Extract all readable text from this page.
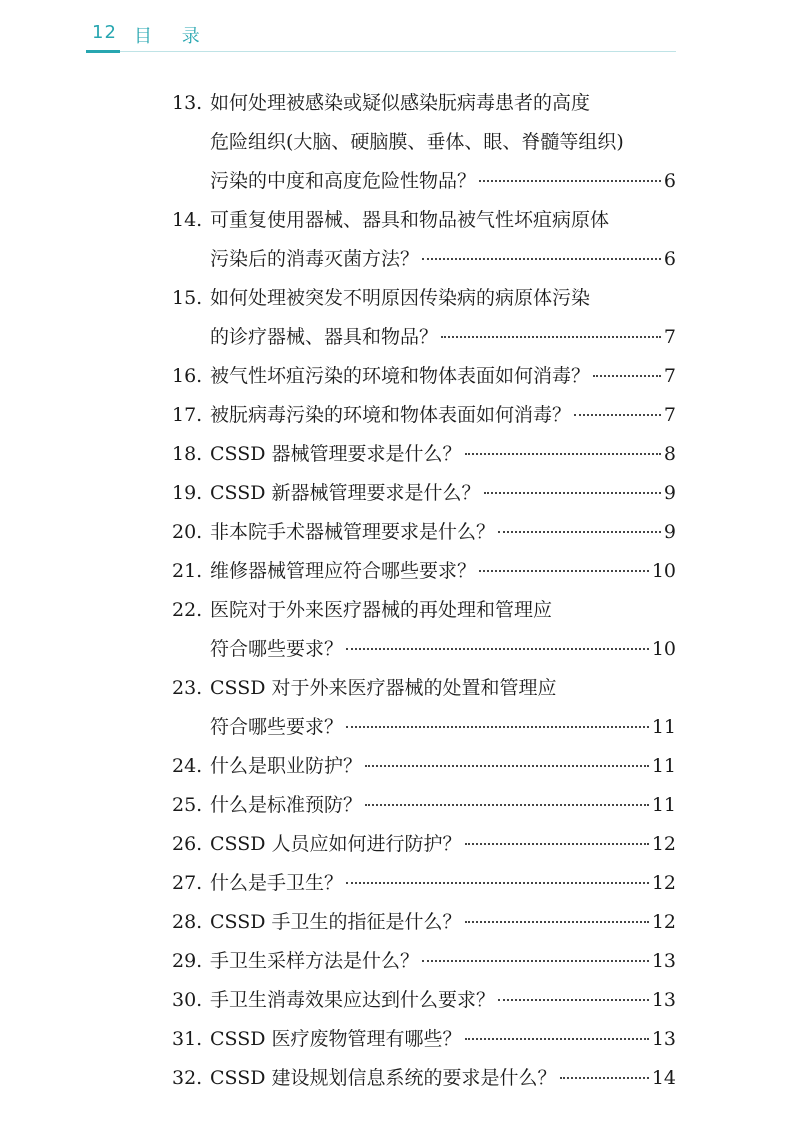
12 目 录
13. 如何处理被感染或疑似感染朊病毒患者的高度
危险组织(大脑、硬脑膜、垂体、眼、脊髓等组织)
污染的中度和高度危险性物品？	6
14. 可重复使用器械、器具和物品被气性坏疽病原体
污染后的消毒灭菌方法？	6
15. 如何处理被突发不明原因传染病的病原体污染
的诊疗器械、器具和物品？	7
16. 被气性坏疽污染的环境和物体表面如何消毒？	7
17. 被朊病毒污染的环境和物体表面如何消毒？	7
18. CSSD 器械管理要求是什么？	8
19. CSSD 新器械管理要求是什么？	9
20. 非本院手术器械管理要求是什么？	9
21. 维修器械管理应符合哪些要求？	10
22. 医院对于外来医疗器械的再处理和管理应
符合哪些要求？	10
23. CSSD 对于外来医疗器械的处置和管理应
符合哪些要求？	11
24. 什么是职业防护？	11
25. 什么是标准预防？	11
26. CSSD 人员应如何进行防护？	12
27. 什么是手卫生？	12
28. CSSD 手卫生的指征是什么？	12
29. 手卫生采样方法是什么？	13
30. 手卫生消毒效果应达到什么要求？	13
31. CSSD 医疗废物管理有哪些？	13
32. CSSD 建设规划信息系统的要求是什么？	14
